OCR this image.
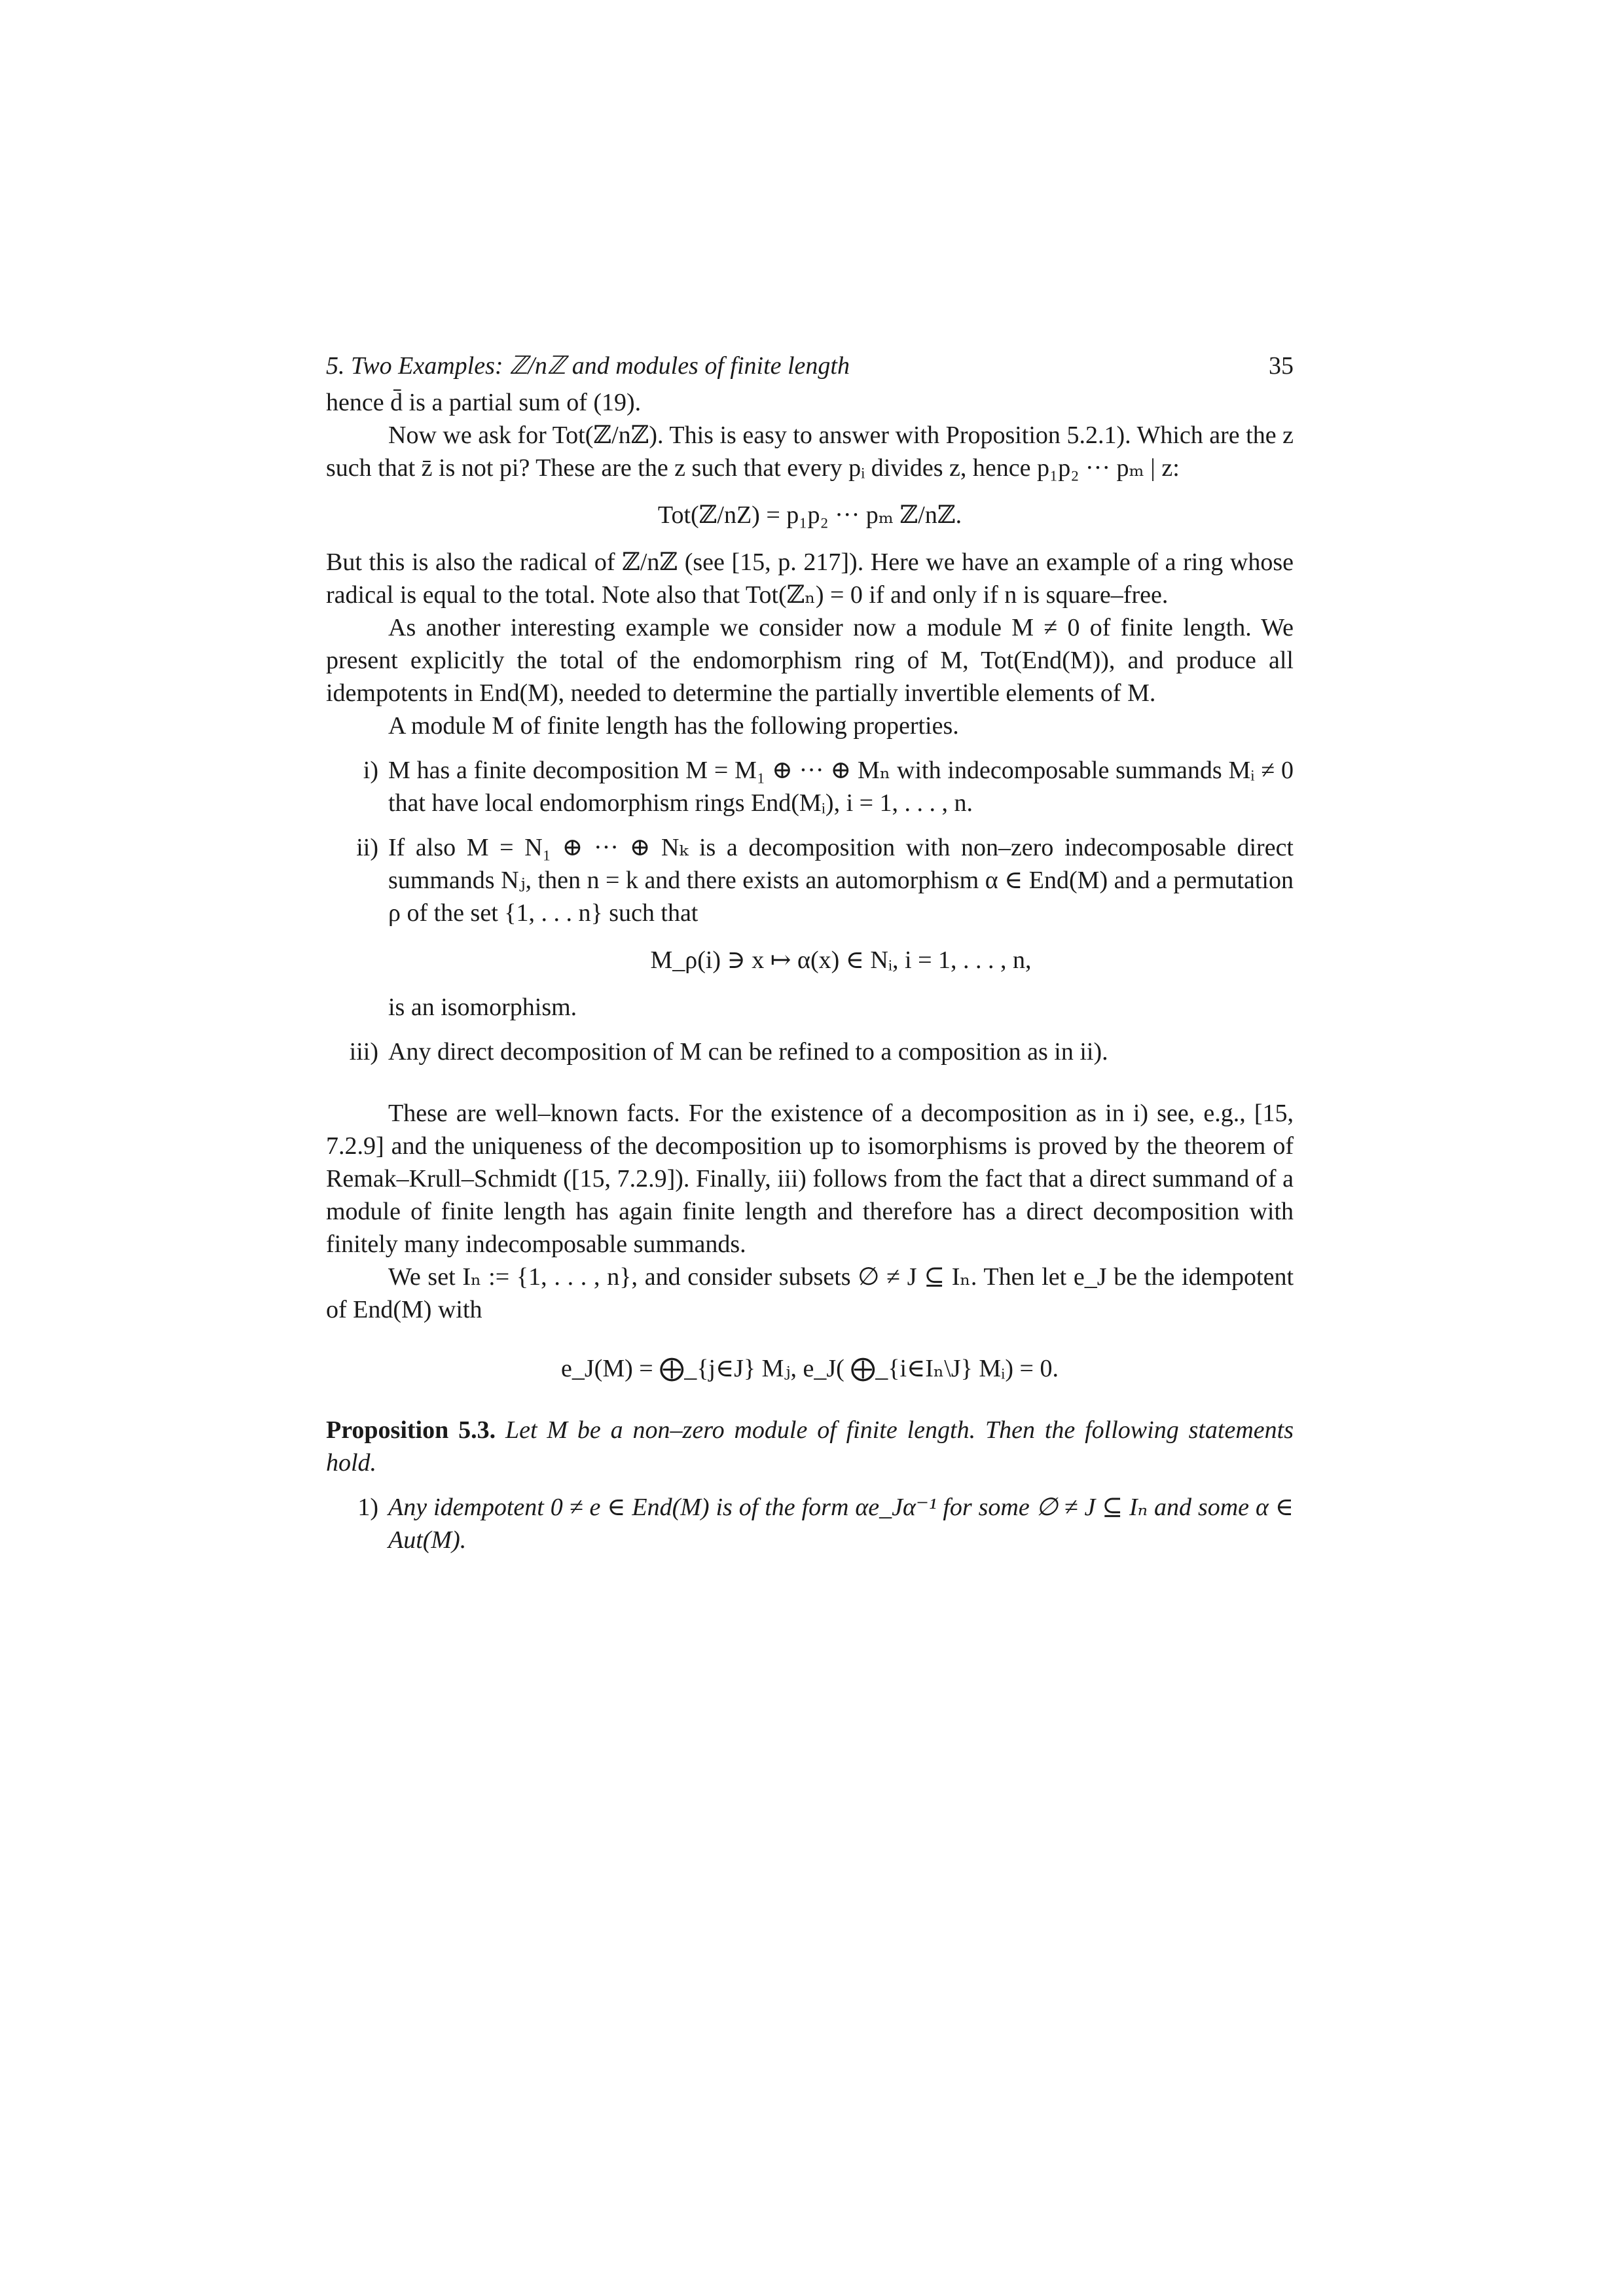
5. Two Examples: ℤ/nℤ and modules of finite length	35

hence d̄ is a partial sum of (19).

Now we ask for Tot(ℤ/nℤ). This is easy to answer with Proposition 5.2.1). Which are the z such that z̄ is not pi? These are the z such that every pᵢ divides z, hence p₁p₂ ··· pₘ | z:

Tot(ℤ/nZ) = p₁p₂ ··· pₘ ℤ/nℤ.

But this is also the radical of ℤ/nℤ (see [15, p. 217]). Here we have an example of a ring whose radical is equal to the total. Note also that Tot(ℤₙ) = 0 if and only if n is square–free.

As another interesting example we consider now a module M ≠ 0 of finite length. We present explicitly the total of the endomorphism ring of M, Tot(End(M)), and produce all idempotents in End(M), needed to determine the partially invertible elements of M.

A module M of finite length has the following properties.

i) M has a finite decomposition M = M₁ ⊕ ··· ⊕ Mₙ with indecomposable summands Mᵢ ≠ 0 that have local endomorphism rings End(Mᵢ), i = 1, . . . , n.
ii) If also M = N₁ ⊕ ··· ⊕ Nₖ is a decomposition with non–zero indecomposable direct summands Nⱼ, then n = k and there exists an automorphism α ∈ End(M) and a permutation ρ of the set {1, . . . n} such that
M_ρ(i) ∋ x ↦ α(x) ∈ Nᵢ, i = 1, . . . , n,
is an isomorphism.
iii) Any direct decomposition of M can be refined to a composition as in ii).

These are well–known facts. For the existence of a decomposition as in i) see, e.g., [15, 7.2.9] and the uniqueness of the decomposition up to isomorphisms is proved by the theorem of Remak–Krull–Schmidt ([15, 7.2.9]). Finally, iii) follows from the fact that a direct summand of a module of finite length has again finite length and therefore has a direct decomposition with finitely many indecomposable summands.

We set Iₙ := {1, . . . , n}, and consider subsets ∅ ≠ J ⊆ Iₙ. Then let e_J be the idempotent of End(M) with

e_J(M) = ⨁_{j∈J} Mⱼ, e_J( ⨁_{i∈Iₙ\J} Mᵢ) = 0.

Proposition 5.3. Let M be a non–zero module of finite length. Then the following statements hold.

1) Any idempotent 0 ≠ e ∈ End(M) is of the form αe_Jα⁻¹ for some ∅ ≠ J ⊆ Iₙ and some α ∈ Aut(M).
